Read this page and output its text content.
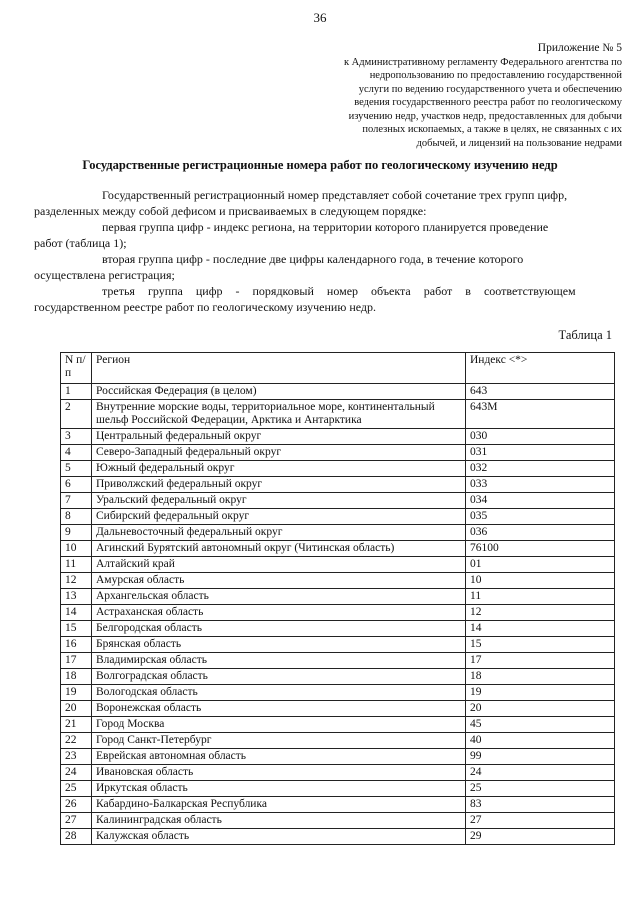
36
Приложение № 5
к Административному регламенту Федерального агентства по
недропользованию по предоставлению государственной
услуги по ведению государственного учета и обеспечению
ведения государственного реестра работ по геологическому
изучению недр, участков недр, предоставленных для добычи
полезных ископаемых, а также в целях, не связанных с их
добычей, и лицензий на пользование недрами
Государственные регистрационные номера работ по геологическому изучению недр
Государственный регистрационный номер представляет собой сочетание трех групп цифр,
разделенных между собой дефисом и присваиваемых в следующем порядке:
первая группа цифр - индекс региона, на территории которого планируется проведение
работ (таблица 1);
вторая группа цифр - последние две цифры календарного года, в течение которого
осуществлена регистрация;
третья группа цифр - порядковый номер объекта работ в соответствующем
государственном реестре работ по геологическому изучению недр.
Таблица 1
N п/п	Регион	Индекс <*>
1	Российская Федерация (в целом)	643
2	Внутренние морские воды, территориальное море, континентальный шельф Российской Федерации, Арктика и Антарктика	643M
3	Центральный федеральный округ	030
4	Северо-Западный федеральный округ	031
5	Южный федеральный округ	032
6	Приволжский федеральный округ	033
7	Уральский федеральный округ	034
8	Сибирский федеральный округ	035
9	Дальневосточный федеральный округ	036
10	Агинский Бурятский автономный округ (Читинская область)	76100
11	Алтайский край	01
12	Амурская область	10
13	Архангельская область	11
14	Астраханская область	12
15	Белгородская область	14
16	Брянская область	15
17	Владимирская область	17
18	Волгоградская область	18
19	Вологодская область	19
20	Воронежская область	20
21	Город Москва	45
22	Город Санкт-Петербург	40
23	Еврейская автономная область	99
24	Ивановская область	24
25	Иркутская область	25
26	Кабардино-Балкарская Республика	83
27	Калининградская область	27
28	Калужская область	29
